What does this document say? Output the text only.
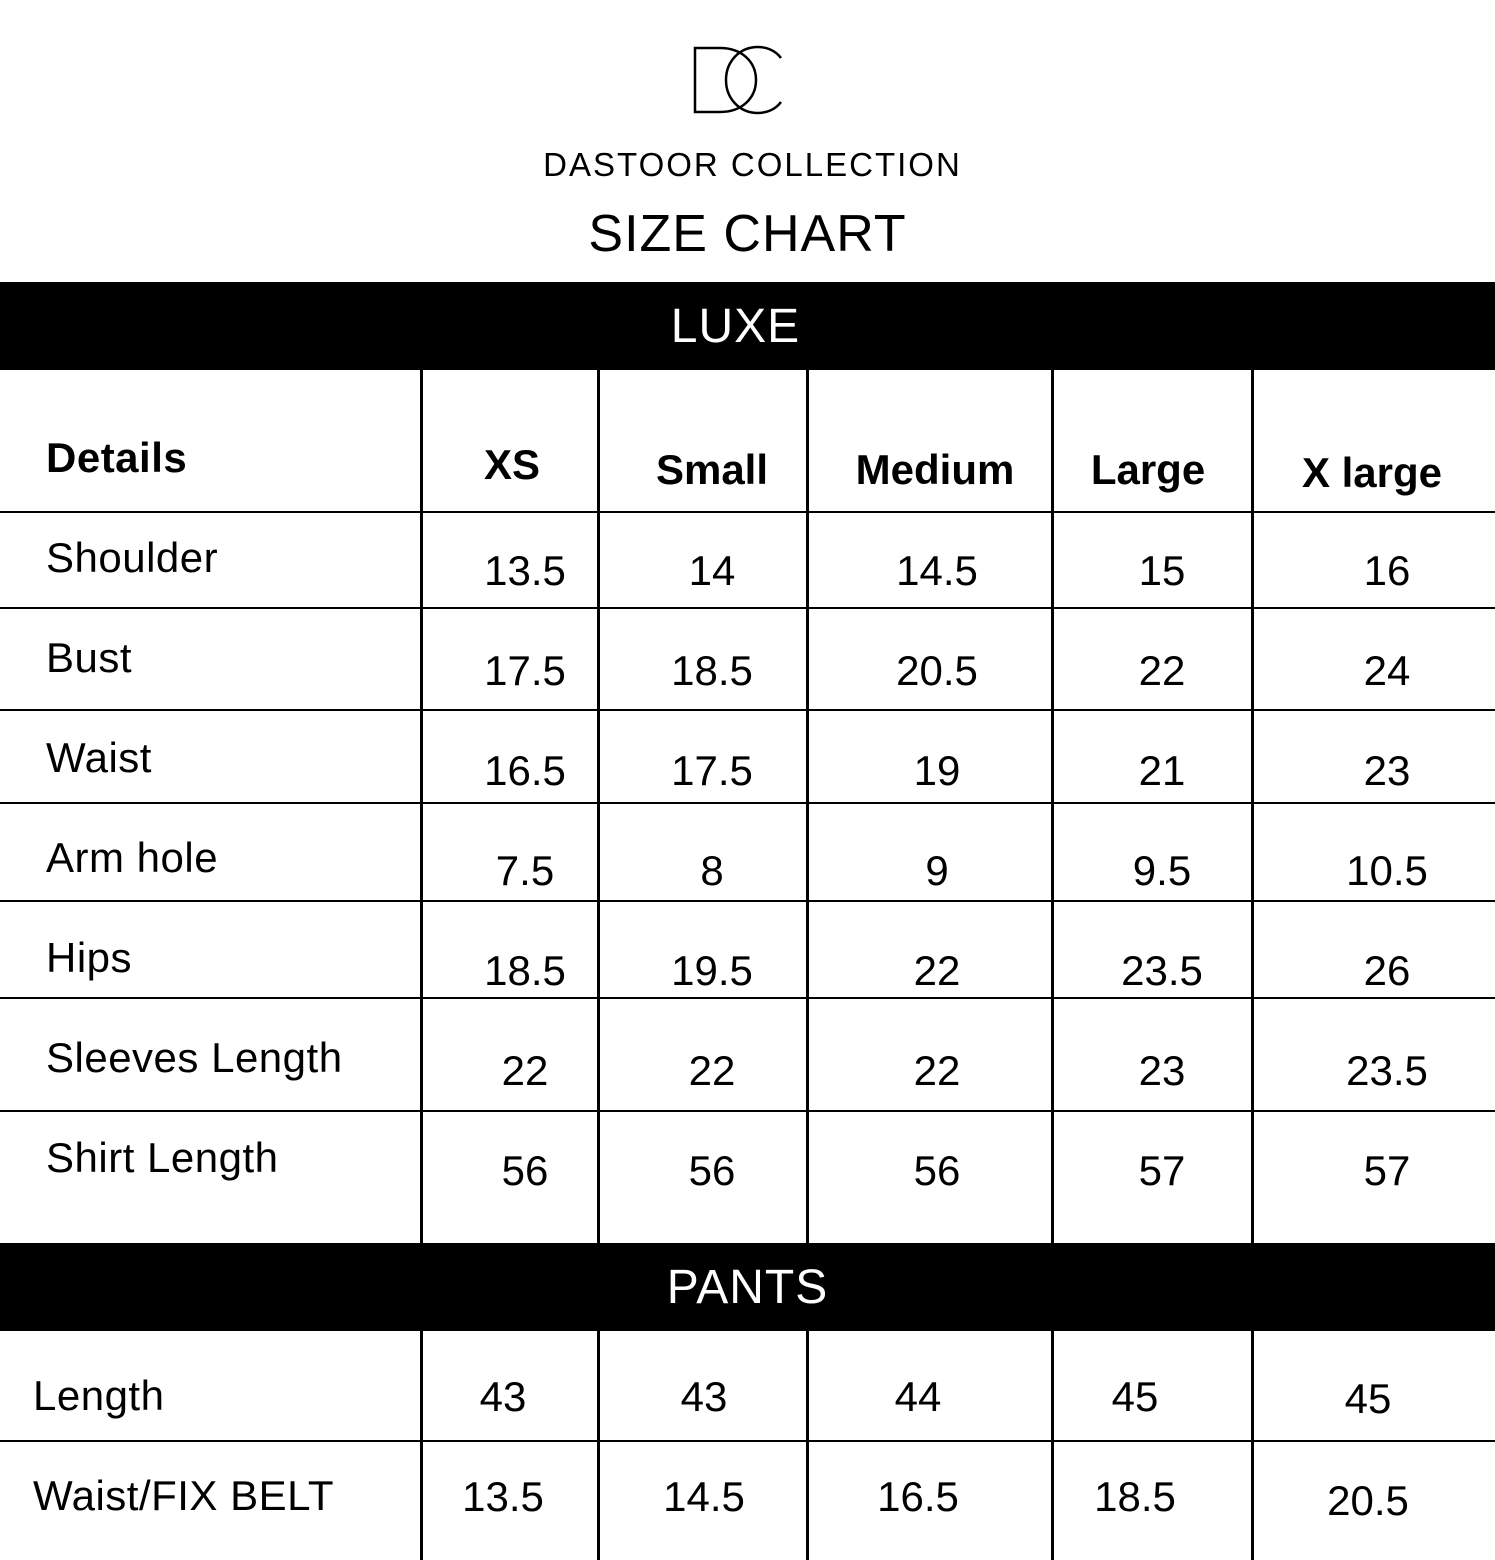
DASTOOR COLLECTION
SIZE CHART
LUXE
Details	XS	Small	Medium	Large	X large
Shoulder	13.5	14	14.5	15	16
Bust	17.5	18.5	20.5	22	24
Waist	16.5	17.5	19	21	23
Arm hole	7.5	8	9	9.5	10.5
Hips	18.5	19.5	22	23.5	26
Sleeves Length	22	22	22	23	23.5
Shirt Length	56	56	56	57	57
PANTS
Length	43	43	44	45	45
Waist/FIX BELT	13.5	14.5	16.5	18.5	20.5
